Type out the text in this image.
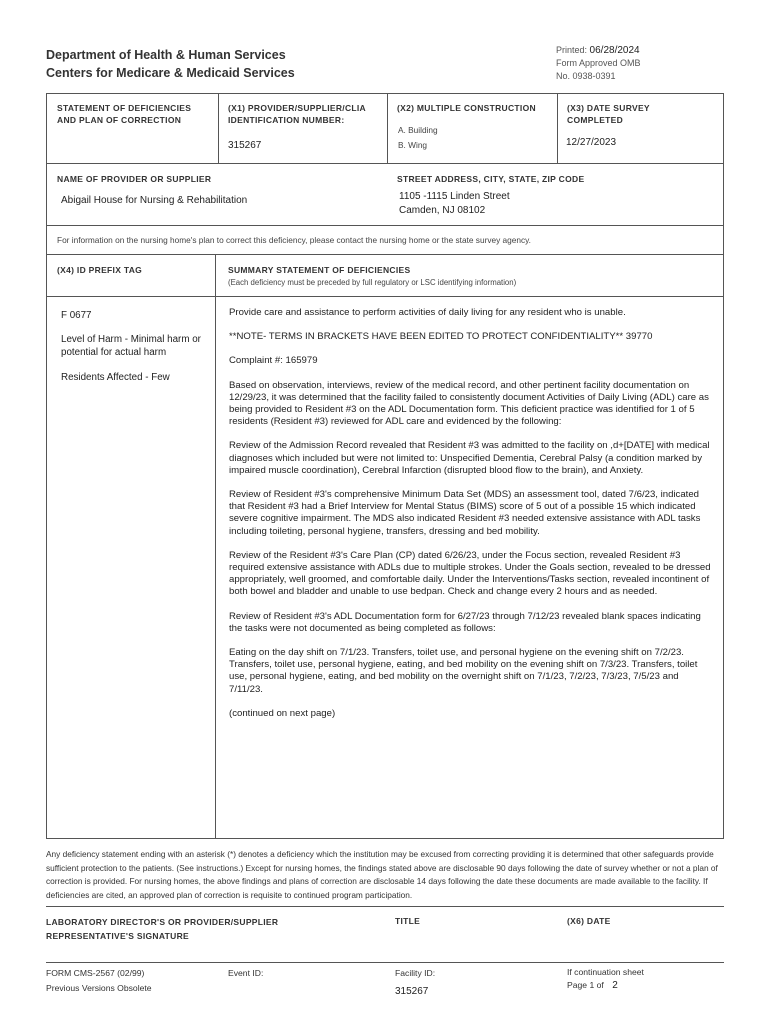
Department of Health & Human Services
Centers for Medicare & Medicaid Services
Printed: 06/28/2024
Form Approved OMB
No. 0938-0391
STATEMENT OF DEFICIENCIES AND PLAN OF CORRECTION
(X1) PROVIDER/SUPPLIER/CLIA IDENTIFICATION NUMBER:
315267
(X2) MULTIPLE CONSTRUCTION
A. Building
B. Wing
(X3) DATE SURVEY COMPLETED
12/27/2023
NAME OF PROVIDER OR SUPPLIER
Abigail House for Nursing & Rehabilitation
STREET ADDRESS, CITY, STATE, ZIP CODE
1105 -1115 Linden Street
Camden, NJ 08102
For information on the nursing home's plan to correct this deficiency, please contact the nursing home or the state survey agency.
(X4) ID PREFIX TAG	SUMMARY STATEMENT OF DEFICIENCIES
(Each deficiency must be preceded by full regulatory or LSC identifying information)
F 0677
Level of Harm - Minimal harm or potential for actual harm
Residents Affected - Few

Provide care and assistance to perform activities of daily living for any resident who is unable.

**NOTE- TERMS IN BRACKETS HAVE BEEN EDITED TO PROTECT CONFIDENTIALITY** 39770

Complaint #: 165979

Based on observation, interviews, review of the medical record, and other pertinent facility documentation on 12/29/23, it was determined that the facility failed to consistently document Activities of Daily Living (ADL) care as being provided to Resident #3 on the ADL Documentation form. This deficient practice was identified for 1 of 5 residents (Resident #3) reviewed for ADL care and evidenced by the following:

Review of the Admission Record revealed that Resident #3 was admitted to the facility on ,d+[DATE] with medical diagnoses which included but were not limited to: Unspecified Dementia, Cerebral Palsy (a condition marked by impaired muscle coordination), Cerebral Infarction (disrupted blood flow to the brain), and Anxiety.

Review of Resident #3's comprehensive Minimum Data Set (MDS) an assessment tool, dated 7/6/23, indicated that Resident #3 had a Brief Interview for Mental Status (BIMS) score of 5 out of a possible 15 which indicated severe cognitive impairment. The MDS also indicated Resident #3 needed extensive assistance with ADL tasks including toileting, personal hygiene, transfers, dressing and bed mobility.

Review of the Resident #3's Care Plan (CP) dated 6/26/23, under the Focus section, revealed Resident #3 required extensive assistance with ADLs due to multiple strokes. Under the Goals section, revealed to be dressed appropriately, well groomed, and comfortable daily. Under the Interventions/Tasks section, revealed incontinent of both bowel and bladder and unable to use bedpan. Check and change every 2 hours and as needed.

Review of Resident #3's ADL Documentation form for 6/27/23 through 7/12/23 revealed blank spaces indicating the tasks were not documented as being completed as follows:

Eating on the day shift on 7/1/23. Transfers, toilet use, and personal hygiene on the evening shift on 7/2/23. Transfers, toilet use, personal hygiene, eating, and bed mobility on the evening shift on 7/3/23. Transfers, toilet use, personal hygiene, eating, and bed mobility on the overnight shift on 7/1/23, 7/2/23, 7/3/23, 7/5/23 and 7/11/23.

(continued on next page)

Any deficiency statement ending with an asterisk (*) denotes a deficiency which the institution may be excused from correcting providing it is determined that other safeguards provide sufficient protection to the patients. (See instructions.) Except for nursing homes, the findings stated above are disclosable 90 days following the date of survey whether or not a plan of correction is provided. For nursing homes, the above findings and plans of correction are disclosable 14 days following the date these documents are made available to the facility. If deficiencies are cited, an approved plan of correction is requisite to continued program participation.
LABORATORY DIRECTOR'S OR PROVIDER/SUPPLIER REPRESENTATIVE'S SIGNATURE
TITLE	(X6) DATE
FORM CMS-2567 (02/99)
Previous Versions Obsolete
Event ID:	Facility ID:
315267
If continuation sheet
Page 1 of 2
